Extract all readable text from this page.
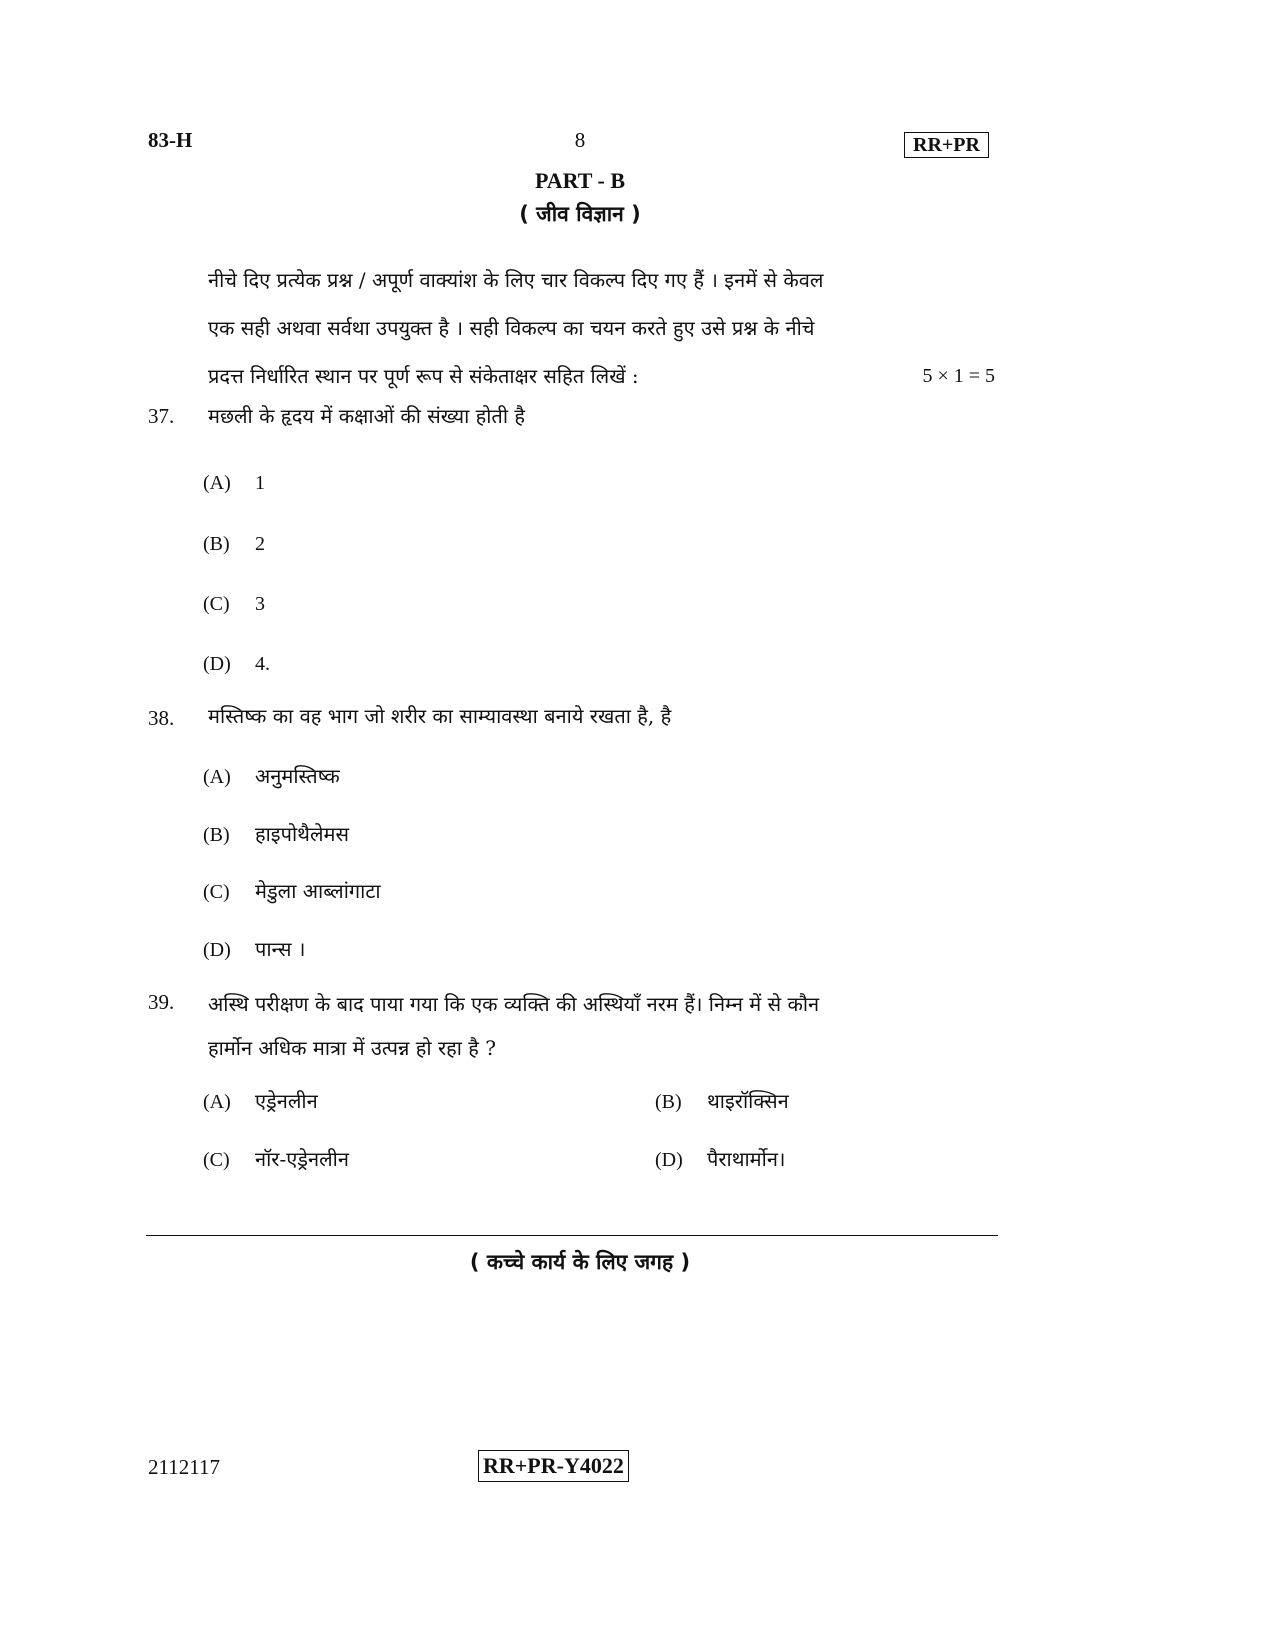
83-H	8	RR+PR
PART - B
( जीव विज्ञान )
नीचे दिए प्रत्येक प्रश्न / अपूर्ण वाक्यांश के लिए चार विकल्प दिए गए हैं । इनमें से केवल
एक सही अथवा सर्वथा उपयुक्त है । सही विकल्प का चयन करते हुए उसे प्रश्न के नीचे
प्रदत्त निर्धारित स्थान पर पूर्ण रूप से संकेताक्षर सहित लिखें :	5 × 1 = 5
37. मछली के हृदय में कक्षाओं की संख्या होती है
(A) 1
(B) 2
(C) 3
(D) 4.
38. मस्तिष्क का वह भाग जो शरीर का साम्यावस्था बनाये रखता है, है
(A) अनुमस्तिष्क
(B) हाइपोथैलेमस
(C) मेडुला आब्लांगाटा
(D) पान्स ।
39. अस्थि परीक्षण के बाद पाया गया कि एक व्यक्ति की अस्थियाँ नरम हैं। निम्न में से कौन
हार्मोन अधिक मात्रा में उत्पन्न हो रहा है ?
(A) एड्रेनलीन	(B) थाइरॉक्सिन
(C) नॉर-एड्रेनलीन	(D) पैराथार्मोन।
( कच्चे कार्य के लिए जगह )
2112117	RR+PR-Y4022
